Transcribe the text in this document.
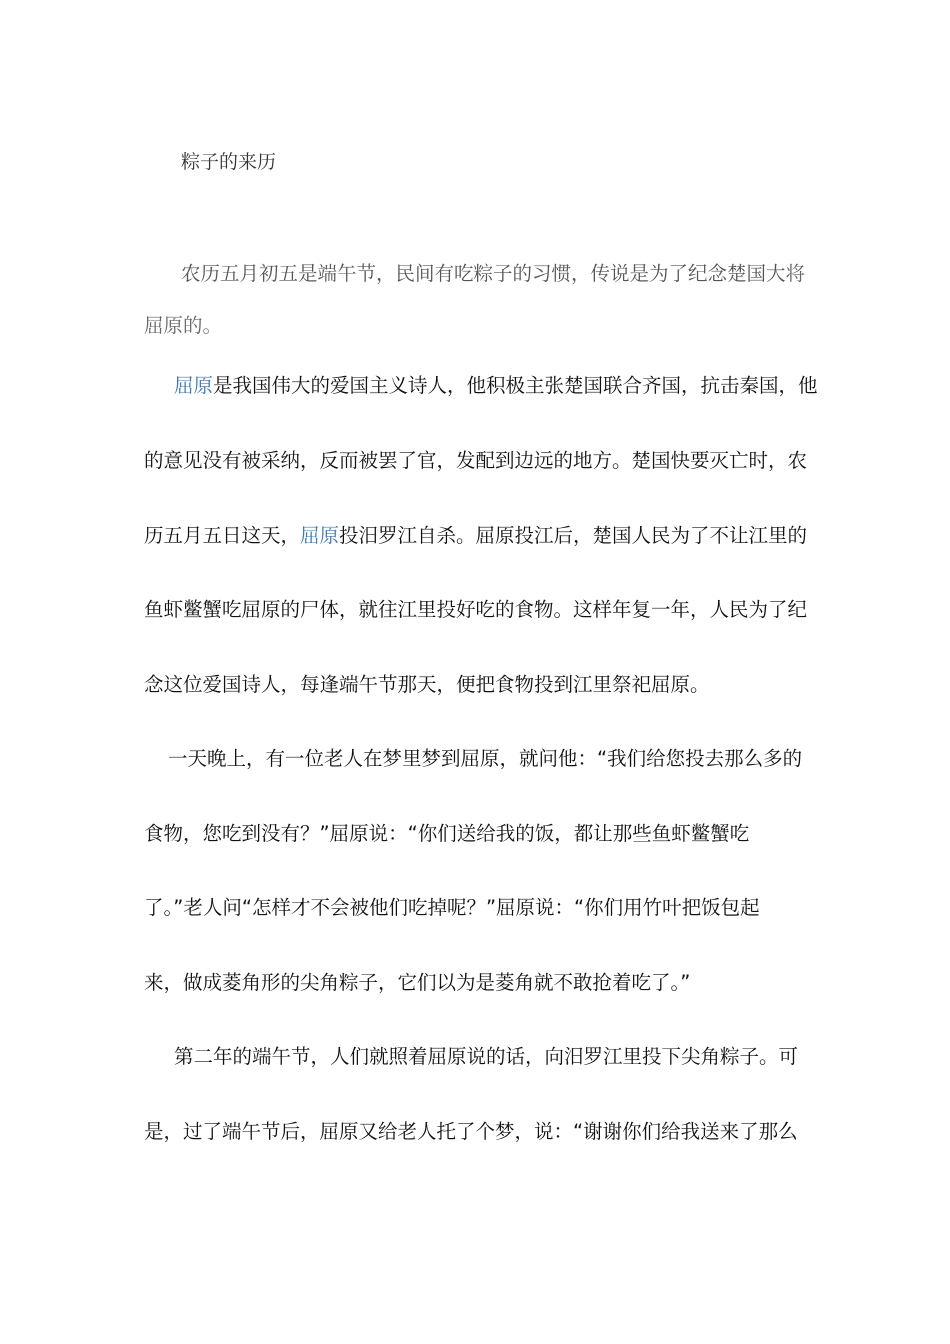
粽子的来历
农历五月初五是端午节，民间有吃粽子的习惯，传说是为了纪念楚国大将
屈原的。
屈原是我国伟大的爱国主义诗人，他积极主张楚国联合齐国，抗击秦国，他
的意见没有被采纳，反而被罢了官，发配到边远的地方。楚国快要灭亡时，农
历五月五日这天，屈原投汨罗江自杀。屈原投江后，楚国人民为了不让江里的
鱼虾鳖蟹吃屈原的尸体，就往江里投好吃的食物。这样年复一年，人民为了纪
念这位爱国诗人，每逢端午节那天，便把食物投到江里祭祀屈原。
一天晚上，有一位老人在梦里梦到屈原，就问他：“我们给您投去那么多的
食物，您吃到没有？”屈原说：“你们送给我的饭，都让那些鱼虾鳖蟹吃
了。”老人问“怎样才不会被他们吃掉呢？”屈原说：“你们用竹叶把饭包起
来，做成菱角形的尖角粽子，它们以为是菱角就不敢抢着吃了。”
第二年的端午节，人们就照着屈原说的话，向汨罗江里投下尖角粽子。可
是，过了端午节后，屈原又给老人托了个梦，说：“谢谢你们给我送来了那么
